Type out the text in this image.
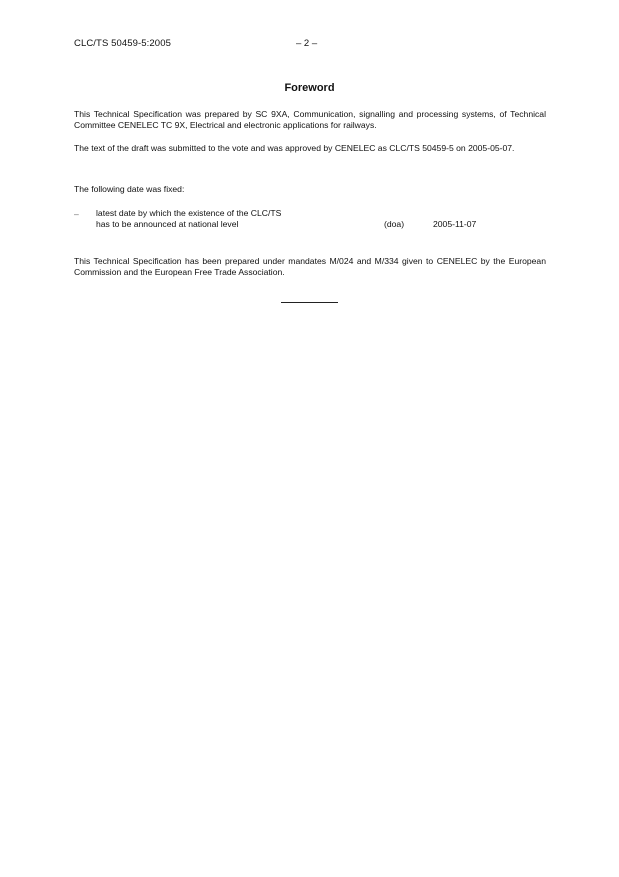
CLC/TS 50459-5:2005	– 2 –
Foreword
This Technical Specification was prepared by SC 9XA, Communication, signalling and processing systems, of Technical Committee CENELEC TC 9X, Electrical and electronic applications for railways.
The text of the draft was submitted to the vote and was approved by CENELEC as CLC/TS 50459-5 on 2005-05-07.
The following date was fixed:
– latest date by which the existence of the CLC/TS
has to be announced at national level	(doa)	2005-11-07
This Technical Specification has been prepared under mandates M/024 and M/334 given to CENELEC by the European Commission and the European Free Trade Association.
